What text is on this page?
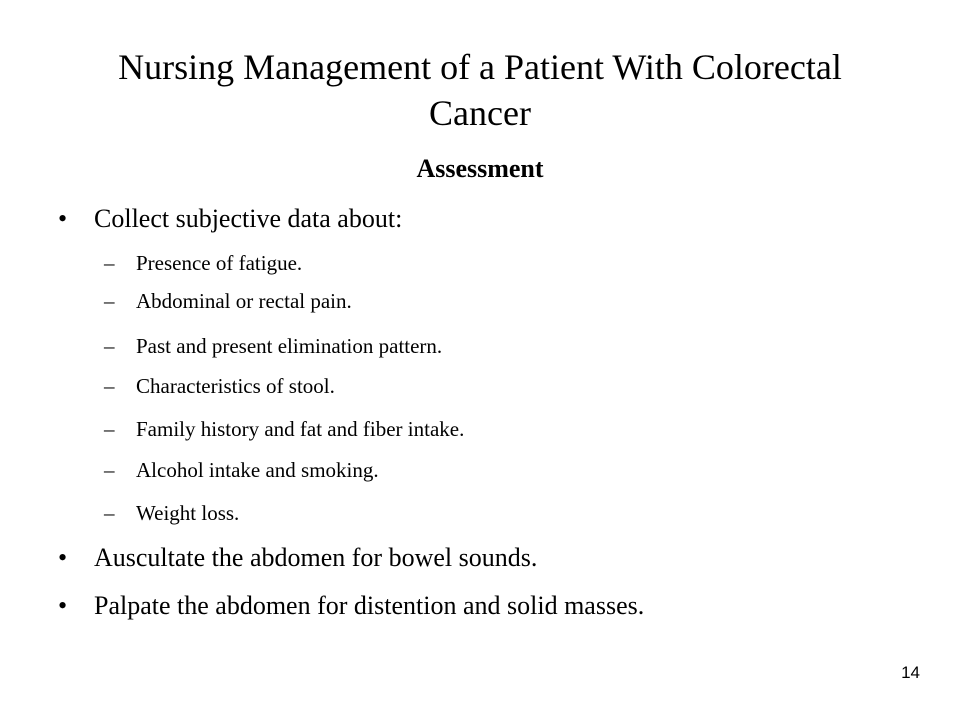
Nursing Management of a Patient With Colorectal
Cancer
Assessment
• Collect subjective data about:
– Presence of fatigue.
– Abdominal or rectal pain.
– Past and present elimination pattern.
– Characteristics of stool.
– Family history and fat and fiber intake.
– Alcohol intake and smoking.
– Weight loss.
• Auscultate the abdomen for bowel sounds.
• Palpate the abdomen for distention and solid masses.
14
